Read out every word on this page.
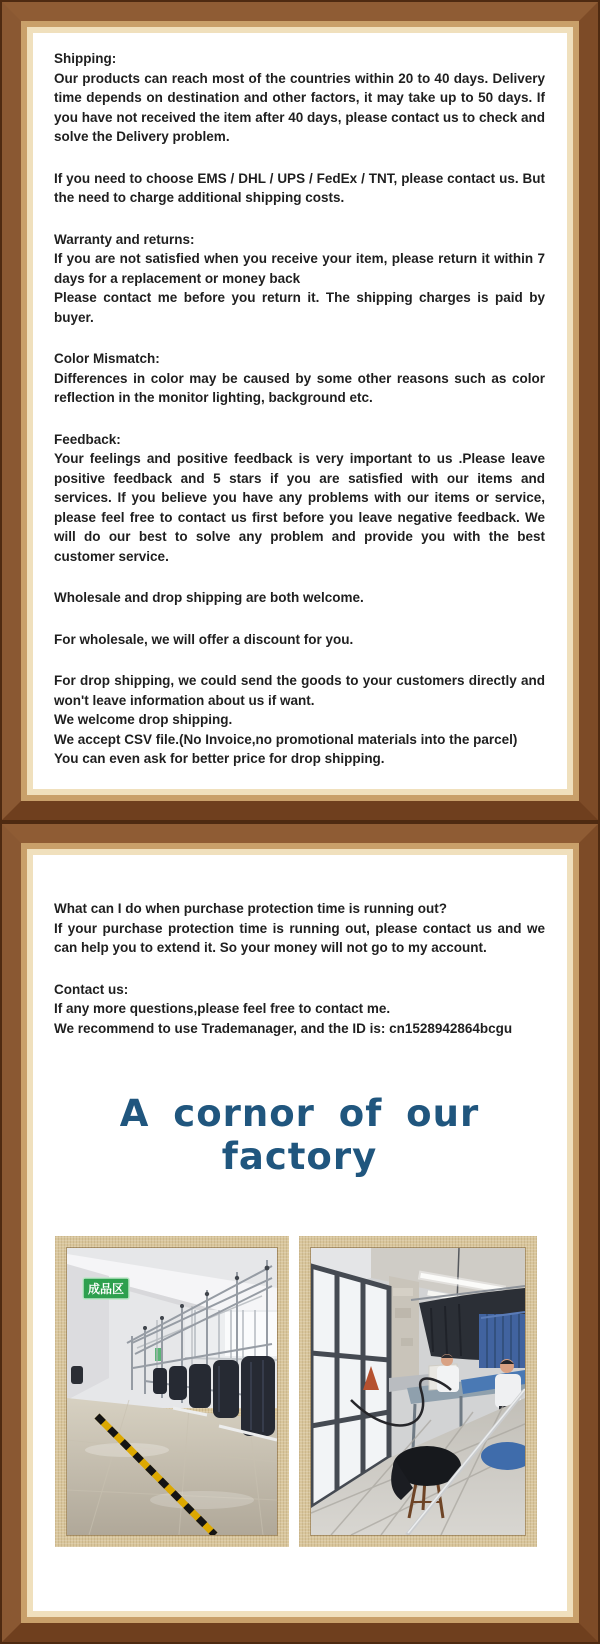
Shipping:

Our products can reach most of the countries within 20 to 40 days. Delivery time depends on destination and other factors, it may take up to 50 days. If you have not received the item after 40 days, please contact us to check and solve the Delivery problem.

If you need to choose EMS / DHL / UPS / FedEx / TNT, please contact us. But the need to charge additional shipping costs.

Warranty and returns:

If you are not satisfied when you receive your item, please return it within 7 days for a replacement or money back

Please contact me before you return it. The shipping charges is paid by buyer.

Color Mismatch:

Differences in color may be caused by some other reasons such as color reflection in the monitor lighting, background etc.

Feedback:

Your feelings and positive feedback is very important to us .Please leave positive feedback and 5 stars if you are satisfied with our items and services. If you believe you have any problems with our items or service, please feel free to contact us first before you leave negative feedback. We will do our best to solve any problem and provide you with the best customer service.

Wholesale and drop shipping are both welcome.

For wholesale, we will offer a discount for you.

For drop shipping, we could send the goods to your customers directly and won't leave information about us if want.

We welcome drop shipping.

We accept CSV file.(No Invoice,no promotional materials into the parcel)

You can even ask for better price for drop shipping.

What can I do when purchase protection time is running out?

If your purchase protection time is running out, please contact us and we can help you to extend it. So your money will not go to my account.

Contact us:

If any more questions,please feel free to contact me.

We recommend to use Trademanager, and the ID is: cn1528942864bcgu

A cornor of our factory
成品区
